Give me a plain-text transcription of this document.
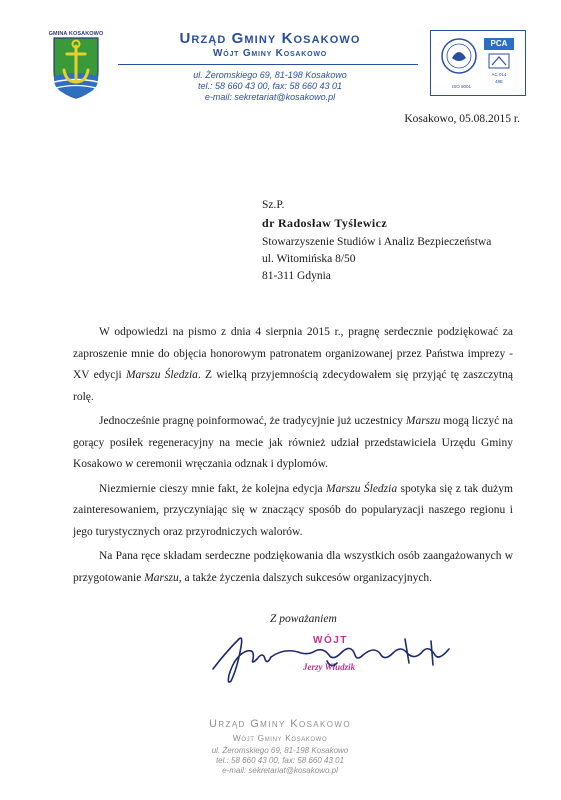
GMINA KOSAKOWO	Urząd Gminy Kosakowo
Wójt Gminy Kosakowo
ul. Żeromskiego 69, 81-198 Kosakowo
tel.: 58 660 43 00, fax: 58 660 43 01
e-mail: sekretariat@kosakowo.pl
ISO 9001
PCA
AC 014
48E
Kosakowo, 05.08.2015 r.
Sz.P.
dr Radosław Tyślewicz
Stowarzyszenie Studiów i Analiz Bezpieczeństwa
ul. Witomińska 8/50
81-311 Gdynia

W odpowiedzi na pismo z dnia 4 sierpnia 2015 r., pragnę serdecznie podziękować za zaproszenie mnie do objęcia honorowym patronatem organizowanej przez Państwa imprezy -XV edycji Marszu Śledzia. Z wielką przyjemnością zdecydowałem się przyjąć tę zaszczytną rolę.

Jednocześnie pragnę poinformować, że tradycyjnie już uczestnicy Marszu mogą liczyć na gorący posiłek regeneracyjny na mecie jak również udział przedstawiciela Urzędu Gminy Kosakowo w ceremonii wręczania odznak i dyplomów.

Niezmiernie cieszy mnie fakt, że kolejna edycja Marszu Śledzia spotyka się z tak dużym zainteresowaniem, przyczyniając się w znaczący sposób do popularyzacji naszego regionu i jego turystycznych oraz przyrodniczych walorów.

Na Pana ręce składam serdeczne podziękowania dla wszystkich osób zaangażowanych w przygotowanie Marszu, a także życzenia dalszych sukcesów organizacyjnych.

Z poważaniem
WÓJT
Jerzy Włudzik
Urząd Gminy Kosakowo
Wójt Gminy Kosakowo
ul. Żeromskiego 69, 81-198 Kosakowo
tel.: 58 660 43 00, fax: 58 660 43 01
e-mail: sekretariat@kosakowo.pl
